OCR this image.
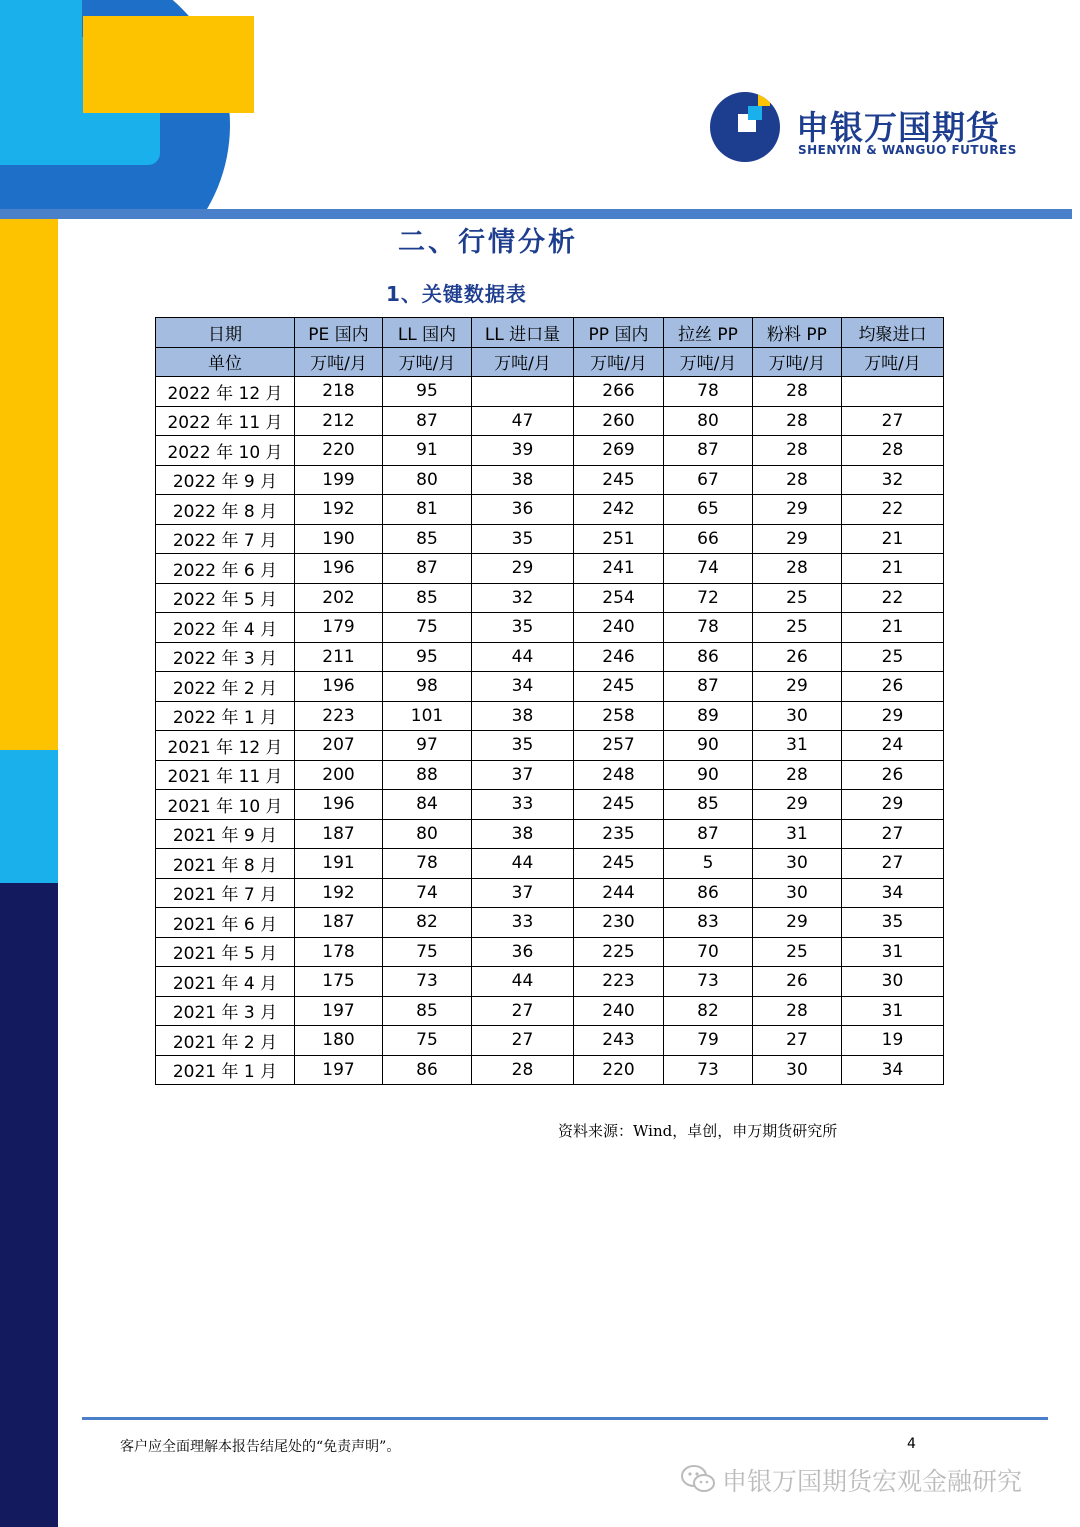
申银万国期货
SHENYIN & WANGUO FUTURES
二、行情分析
1、关键数据表
日期	PE 国内	LL 国内	LL 进口量	PP 国内	拉丝 PP	粉料 PP	均聚进口
单位	万吨/月	万吨/月	万吨/月	万吨/月	万吨/月	万吨/月	万吨/月
2022 年 12 月	218	95		266	78	28	
2022 年 11 月	212	87	47	260	80	28	27
2022 年 10 月	220	91	39	269	87	28	28
2022 年 9 月	199	80	38	245	67	28	32
2022 年 8 月	192	81	36	242	65	29	22
2022 年 7 月	190	85	35	251	66	29	21
2022 年 6 月	196	87	29	241	74	28	21
2022 年 5 月	202	85	32	254	72	25	22
2022 年 4 月	179	75	35	240	78	25	21
2022 年 3 月	211	95	44	246	86	26	25
2022 年 2 月	196	98	34	245	87	29	26
2022 年 1 月	223	101	38	258	89	30	29
2021 年 12 月	207	97	35	257	90	31	24
2021 年 11 月	200	88	37	248	90	28	26
2021 年 10 月	196	84	33	245	85	29	29
2021 年 9 月	187	80	38	235	87	31	27
2021 年 8 月	191	78	44	245	5	30	27
2021 年 7 月	192	74	37	244	86	30	34
2021 年 6 月	187	82	33	230	83	29	35
2021 年 5 月	178	75	36	225	70	25	31
2021 年 4 月	175	73	44	223	73	26	30
2021 年 3 月	197	85	27	240	82	28	31
2021 年 2 月	180	75	27	243	79	27	19
2021 年 1 月	197	86	28	220	73	30	34
资料来源：Wind，卓创，申万期货研究所
客户应全面理解本报告结尾处的“免责声明”。	4
申银万国期货宏观金融研究
